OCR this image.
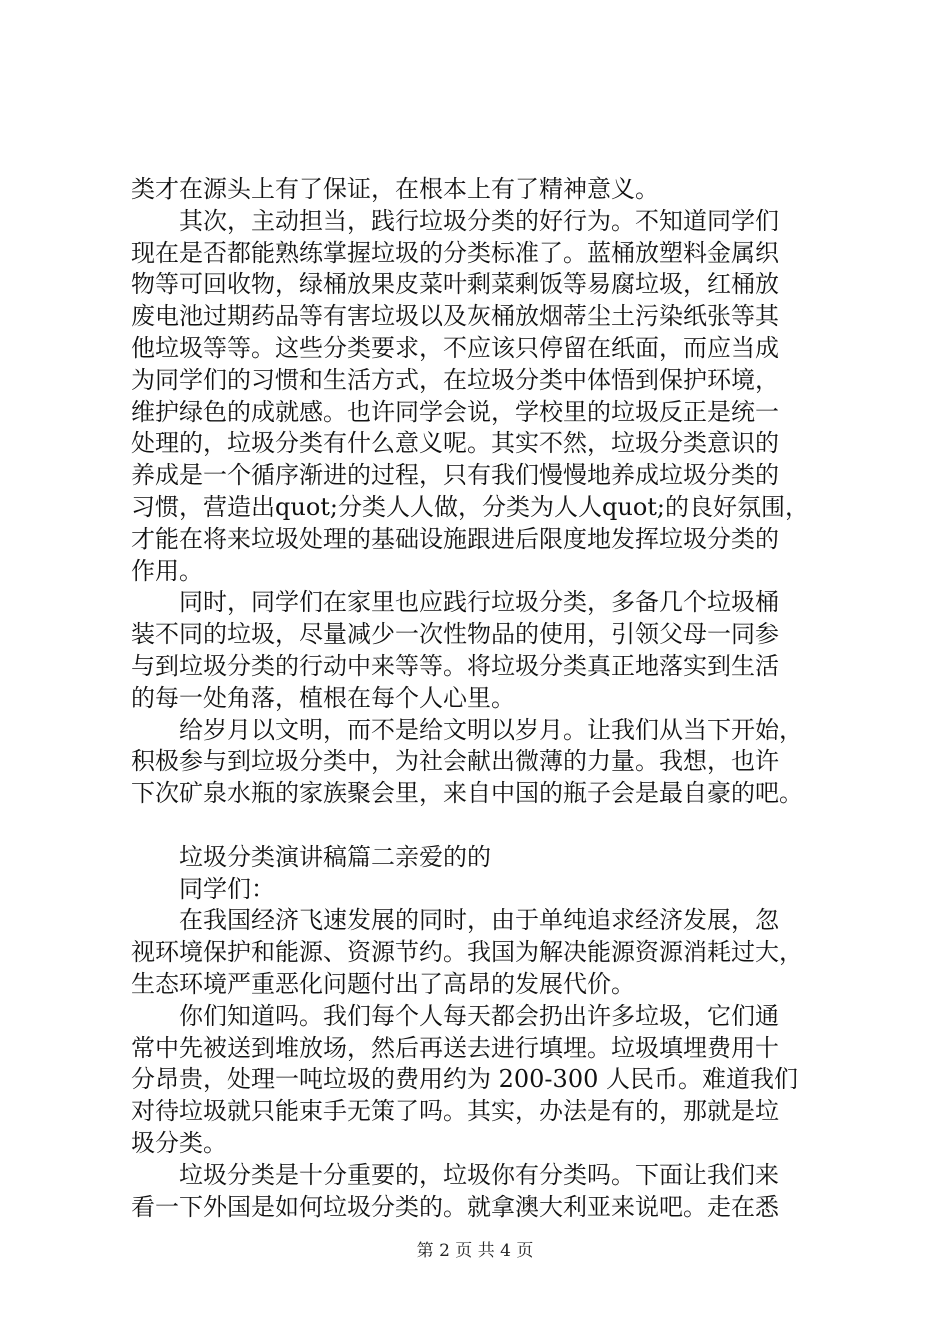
类才在源头上有了保证，在根本上有了精神意义。
其次，主动担当，践行垃圾分类的好行为。不知道同学们
现在是否都能熟练掌握垃圾的分类标准了。蓝桶放塑料金属织
物等可回收物，绿桶放果皮菜叶剩菜剩饭等易腐垃圾，红桶放
废电池过期药品等有害垃圾以及灰桶放烟蒂尘土污染纸张等其
他垃圾等等。这些分类要求，不应该只停留在纸面，而应当成
为同学们的习惯和生活方式，在垃圾分类中体悟到保护环境，
维护绿色的成就感。也许同学会说，学校里的垃圾反正是统一
处理的，垃圾分类有什么意义呢。其实不然，垃圾分类意识的
养成是一个循序渐进的过程，只有我们慢慢地养成垃圾分类的
习惯，营造出quot;分类人人做，分类为人人quot;的良好氛围，
才能在将来垃圾处理的基础设施跟进后限度地发挥垃圾分类的
作用。
同时，同学们在家里也应践行垃圾分类，多备几个垃圾桶
装不同的垃圾，尽量减少一次性物品的使用，引领父母一同参
与到垃圾分类的行动中来等等。将垃圾分类真正地落实到生活
的每一处角落，植根在每个人心里。
给岁月以文明，而不是给文明以岁月。让我们从当下开始，
积极参与到垃圾分类中，为社会献出微薄的力量。我想，也许
下次矿泉水瓶的家族聚会里，来自中国的瓶子会是最自豪的吧。
垃圾分类演讲稿篇二亲爱的的
同学们：
在我国经济飞速发展的同时，由于单纯追求经济发展，忽
视环境保护和能源、资源节约。我国为解决能源资源消耗过大，
生态环境严重恶化问题付出了高昂的发展代价。
你们知道吗。我们每个人每天都会扔出许多垃圾，它们通
常中先被送到堆放场，然后再送去进行填埋。垃圾填埋费用十
分昂贵，处理一吨垃圾的费用约为 200-300 人民币。难道我们
对待垃圾就只能束手无策了吗。其实，办法是有的，那就是垃
圾分类。
垃圾分类是十分重要的，垃圾你有分类吗。下面让我们来
看一下外国是如何垃圾分类的。就拿澳大利亚来说吧。走在悉
第 2 页 共 4 页
